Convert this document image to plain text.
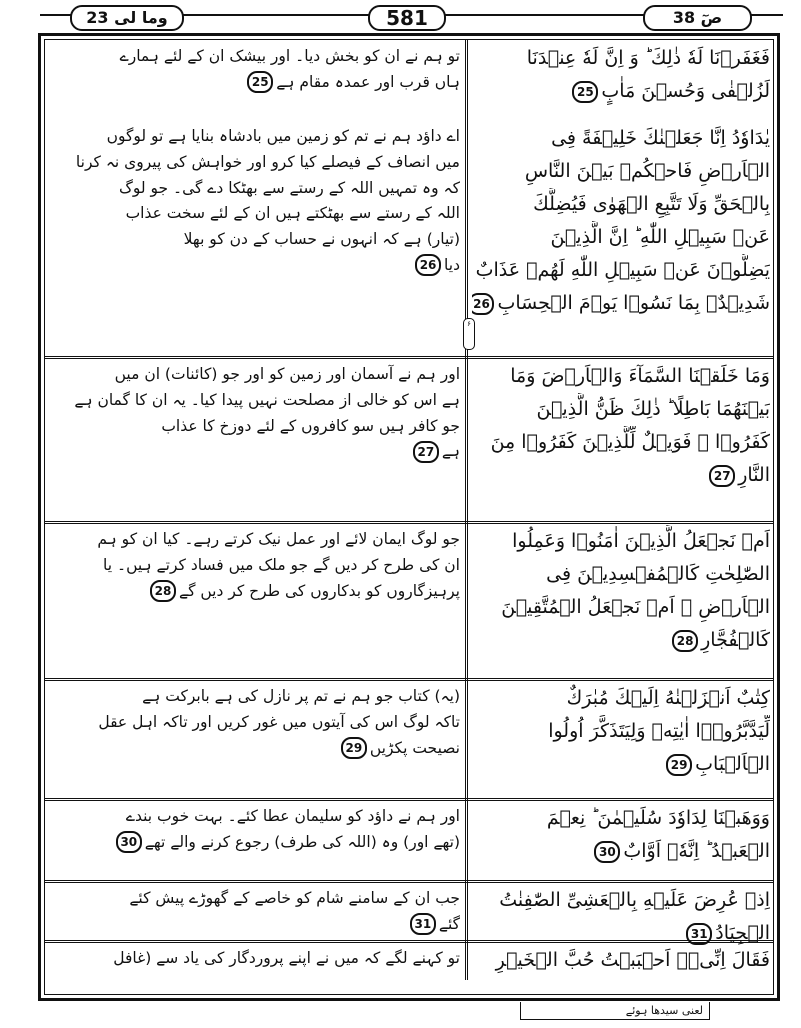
وما لی 23	581	صٓ 38
۶
فَغَفَرۡنَا لَهٗ ذٰلِكَ ؕ وَ اِنَّ لَهٗ عِنۡدَنَا
لَزُلۡفٰى وَحُسۡنَ مَاٰبٍ25
تو ہم نے ان کو بخش دیا۔ اور بیشک ان کے لئے ہمارے
ہاں قرب اور عمدہ مقام ہے25
يٰدَاوٗدُ اِنَّا جَعَلۡنٰكَ خَلِيۡفَةً فِى
الۡاَرۡضِ فَاحۡكُمۡ بَيۡنَ النَّاسِ
بِالۡحَقِّ وَلَا تَتَّبِعِ الۡهَوٰى فَيُضِلَّكَ
عَنۡ سَبِيۡلِ اللّٰهِ ؕ اِنَّ الَّذِيۡنَ
يَضِلُّوۡنَ عَنۡ سَبِيۡلِ اللّٰهِ لَهُمۡ عَذَابٌ
شَدِيۡدٌۢ بِمَا نَسُوۡا يَوۡمَ الۡحِسَابِ26
اے داؤد ہم نے تم کو زمین میں بادشاہ بنایا ہے تو لوگوں
میں انصاف کے فیصلے کیا کرو اور خواہش کی پیروی نہ کرنا
کہ وہ تمہیں اللہ کے رستے سے بھٹکا دے گی۔ جو لوگ
اللہ کے رستے سے بھٹکتے ہیں ان کے لئے سخت عذاب
(تیار) ہے کہ انہوں نے حساب کے دن کو بھلا
دیا26
وَمَا خَلَقۡنَا السَّمَآءَ وَالۡاَرۡضَ وَمَا
بَيۡنَهُمَا بَاطِلًا ؕ ذٰلِكَ ظَنُّ الَّذِيۡنَ
كَفَرُوۡا ۚ فَوَيۡلٌ لِّلَّذِيۡنَ كَفَرُوۡا مِنَ
النَّارِ27
اور ہم نے آسمان اور زمین کو اور جو (کائنات) ان میں
ہے اس کو خالی از مصلحت نہیں پیدا کیا۔ یہ ان کا گمان ہے
جو کافر ہیں سو کافروں کے لئے دوزخ کا عذاب
ہے27
اَمۡ نَجۡعَلُ الَّذِيۡنَ اٰمَنُوۡا وَعَمِلُوا
الصّٰلِحٰتِ كَالۡمُفۡسِدِيۡنَ فِى
الۡاَرۡضِ ۖ اَمۡ نَجۡعَلُ الۡمُتَّقِيۡنَ
كَالۡفُجَّارِ28
جو لوگ ایمان لائے اور عمل نیک کرتے رہے۔ کیا ان کو ہم
ان کی طرح کر دیں گے جو ملک میں فساد کرتے ہیں۔ یا
پرہیزگاروں کو بدکاروں کی طرح کر دیں گے28
كِتٰبٌ اَنۡزَلۡنٰهُ اِلَيۡكَ مُبٰرَكٌ
لِّيَدَّبَّرُوۡۤا اٰيٰتِهٖ وَلِيَتَذَكَّرَ اُولُوا
الۡاَلۡبَابِ29
(یہ) کتاب جو ہم نے تم پر نازل کی ہے بابرکت ہے
تاکہ لوگ اس کی آیتوں میں غور کریں اور تاکہ اہل عقل
نصیحت پکڑیں29
وَوَهَبۡنَا لِدَاوٗدَ سُلَيۡمٰنَ ؕ نِعۡمَ
الۡعَبۡدُ ؕ اِنَّهٗۤ اَوَّابٌ30
اور ہم نے داؤد کو سلیمان عطا کئے۔ بہت خوب بندے
(تھے اور) وہ (اللہ کی طرف) رجوع کرنے والے تھے30
اِذۡ عُرِضَ عَلَيۡهِ بِالۡعَشِىِّ الصّٰفِنٰتُ
الۡجِيَادُ31
جب ان کے سامنے شام کو خاصے کے گھوڑے پیش کئے
گئے31
فَقَالَ اِنِّىۡۤ اَحۡبَبۡتُ حُبَّ الۡخَيۡرِ
تو کہنے لگے کہ میں نے اپنے پروردگار کی یاد سے (غافل
لعنی سیدھا ہوئے
